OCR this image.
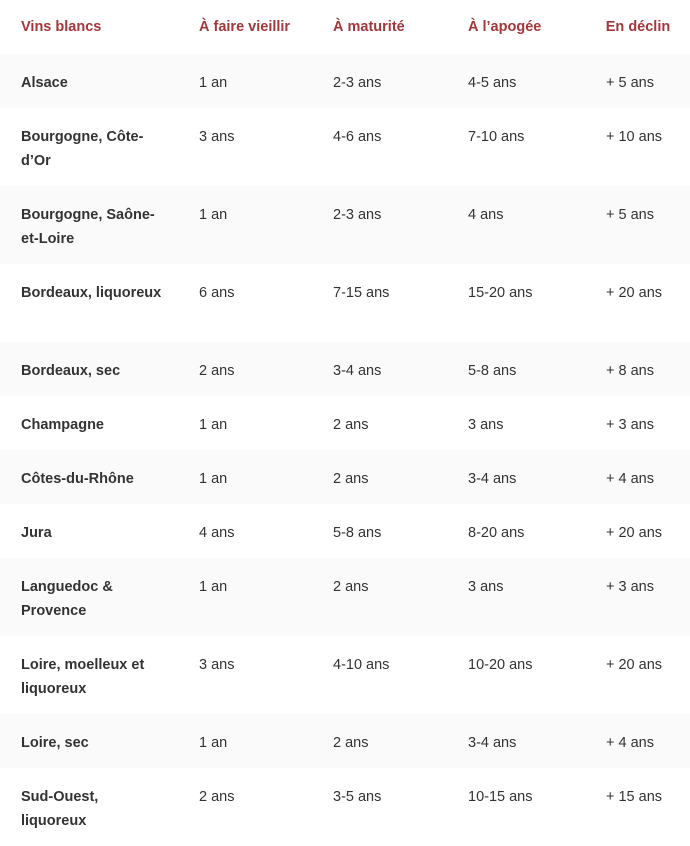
Vins blancs	À faire vieillir	À maturité	À l’apogée	En déclin
Alsace	1 an	2-3 ans	4-5 ans	+ 5 ans
Bourgogne, Côte-d’Or	3 ans	4-6 ans	7-10 ans	+ 10 ans
Bourgogne, Saône-et-Loire	1 an	2-3 ans	4 ans	+ 5 ans
Bordeaux, liquoreux	6 ans	7-15 ans	15-20 ans	+ 20 ans
Bordeaux, sec	2 ans	3-4 ans	5-8 ans	+ 8 ans
Champagne	1 an	2 ans	3 ans	+ 3 ans
Côtes-du-Rhône	1 an	2 ans	3-4 ans	+ 4 ans
Jura	4 ans	5-8 ans	8-20 ans	+ 20 ans
Languedoc & Provence	1 an	2 ans	3 ans	+ 3 ans
Loire, moelleux et liquoreux	3 ans	4-10 ans	10-20 ans	+ 20 ans
Loire, sec	1 an	2 ans	3-4 ans	+ 4 ans
Sud-Ouest, liquoreux	2 ans	3-5 ans	10-15 ans	+ 15 ans
